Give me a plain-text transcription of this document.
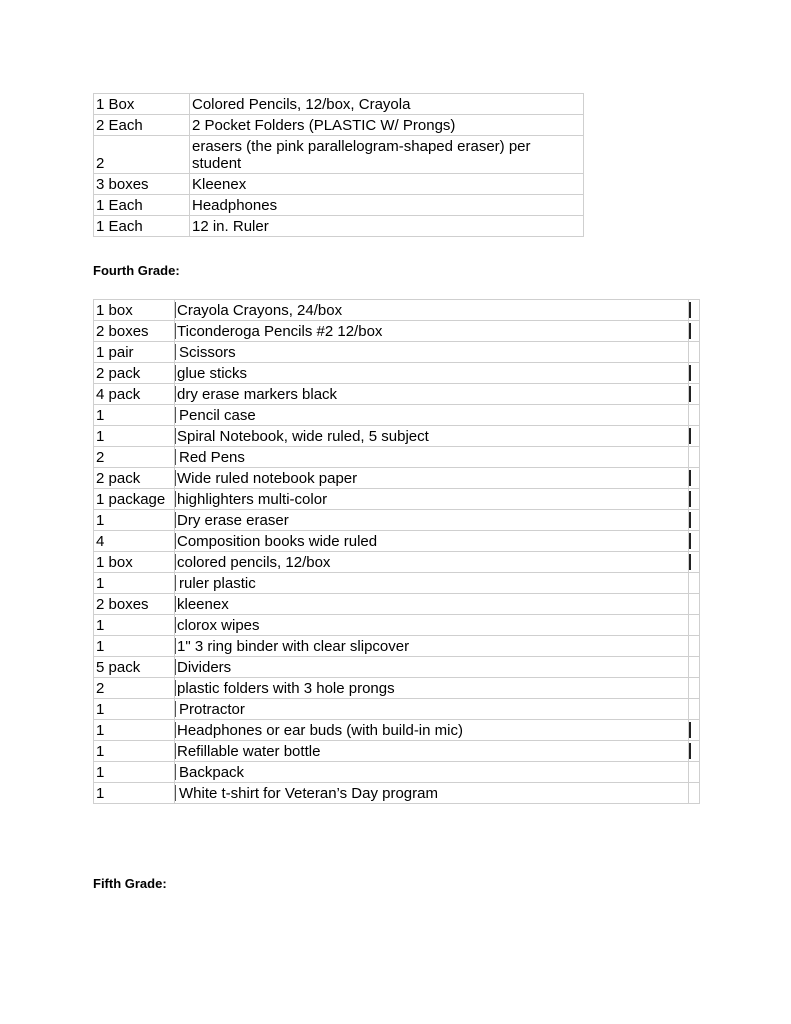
1 Box	Colored Pencils, 12/box, Crayola
2 Each	2 Pocket Folders (PLASTIC W/ Prongs)
2	erasers (the pink parallelogram-shaped eraser) per student
3 boxes	Kleenex
1 Each	Headphones
1 Each	12 in. Ruler
Fourth Grade:
1 box	Crayola Crayons, 24/box	
2 boxes	Ticonderoga Pencils #2 12/box	
1 pair	Scissors	
2 pack	glue sticks	
4 pack	dry erase markers black	
1	Pencil case	
1	Spiral Notebook, wide ruled, 5 subject	
2	Red Pens	
2 pack	Wide ruled notebook paper	
1 package	highlighters multi-color	
1	Dry erase eraser	
4	Composition books wide ruled	
1 box	colored pencils, 12/box	
1	ruler plastic	
2 boxes	kleenex	
1	clorox wipes	
1	1" 3 ring binder with clear slipcover	
5 pack	Dividers	
2	plastic folders with 3 hole prongs	
1	Protractor	
1	Headphones or ear buds (with build-in mic)	
1	Refillable water bottle	
1	Backpack	
1	White t-shirt for Veteran’s Day program	
Fifth Grade:
